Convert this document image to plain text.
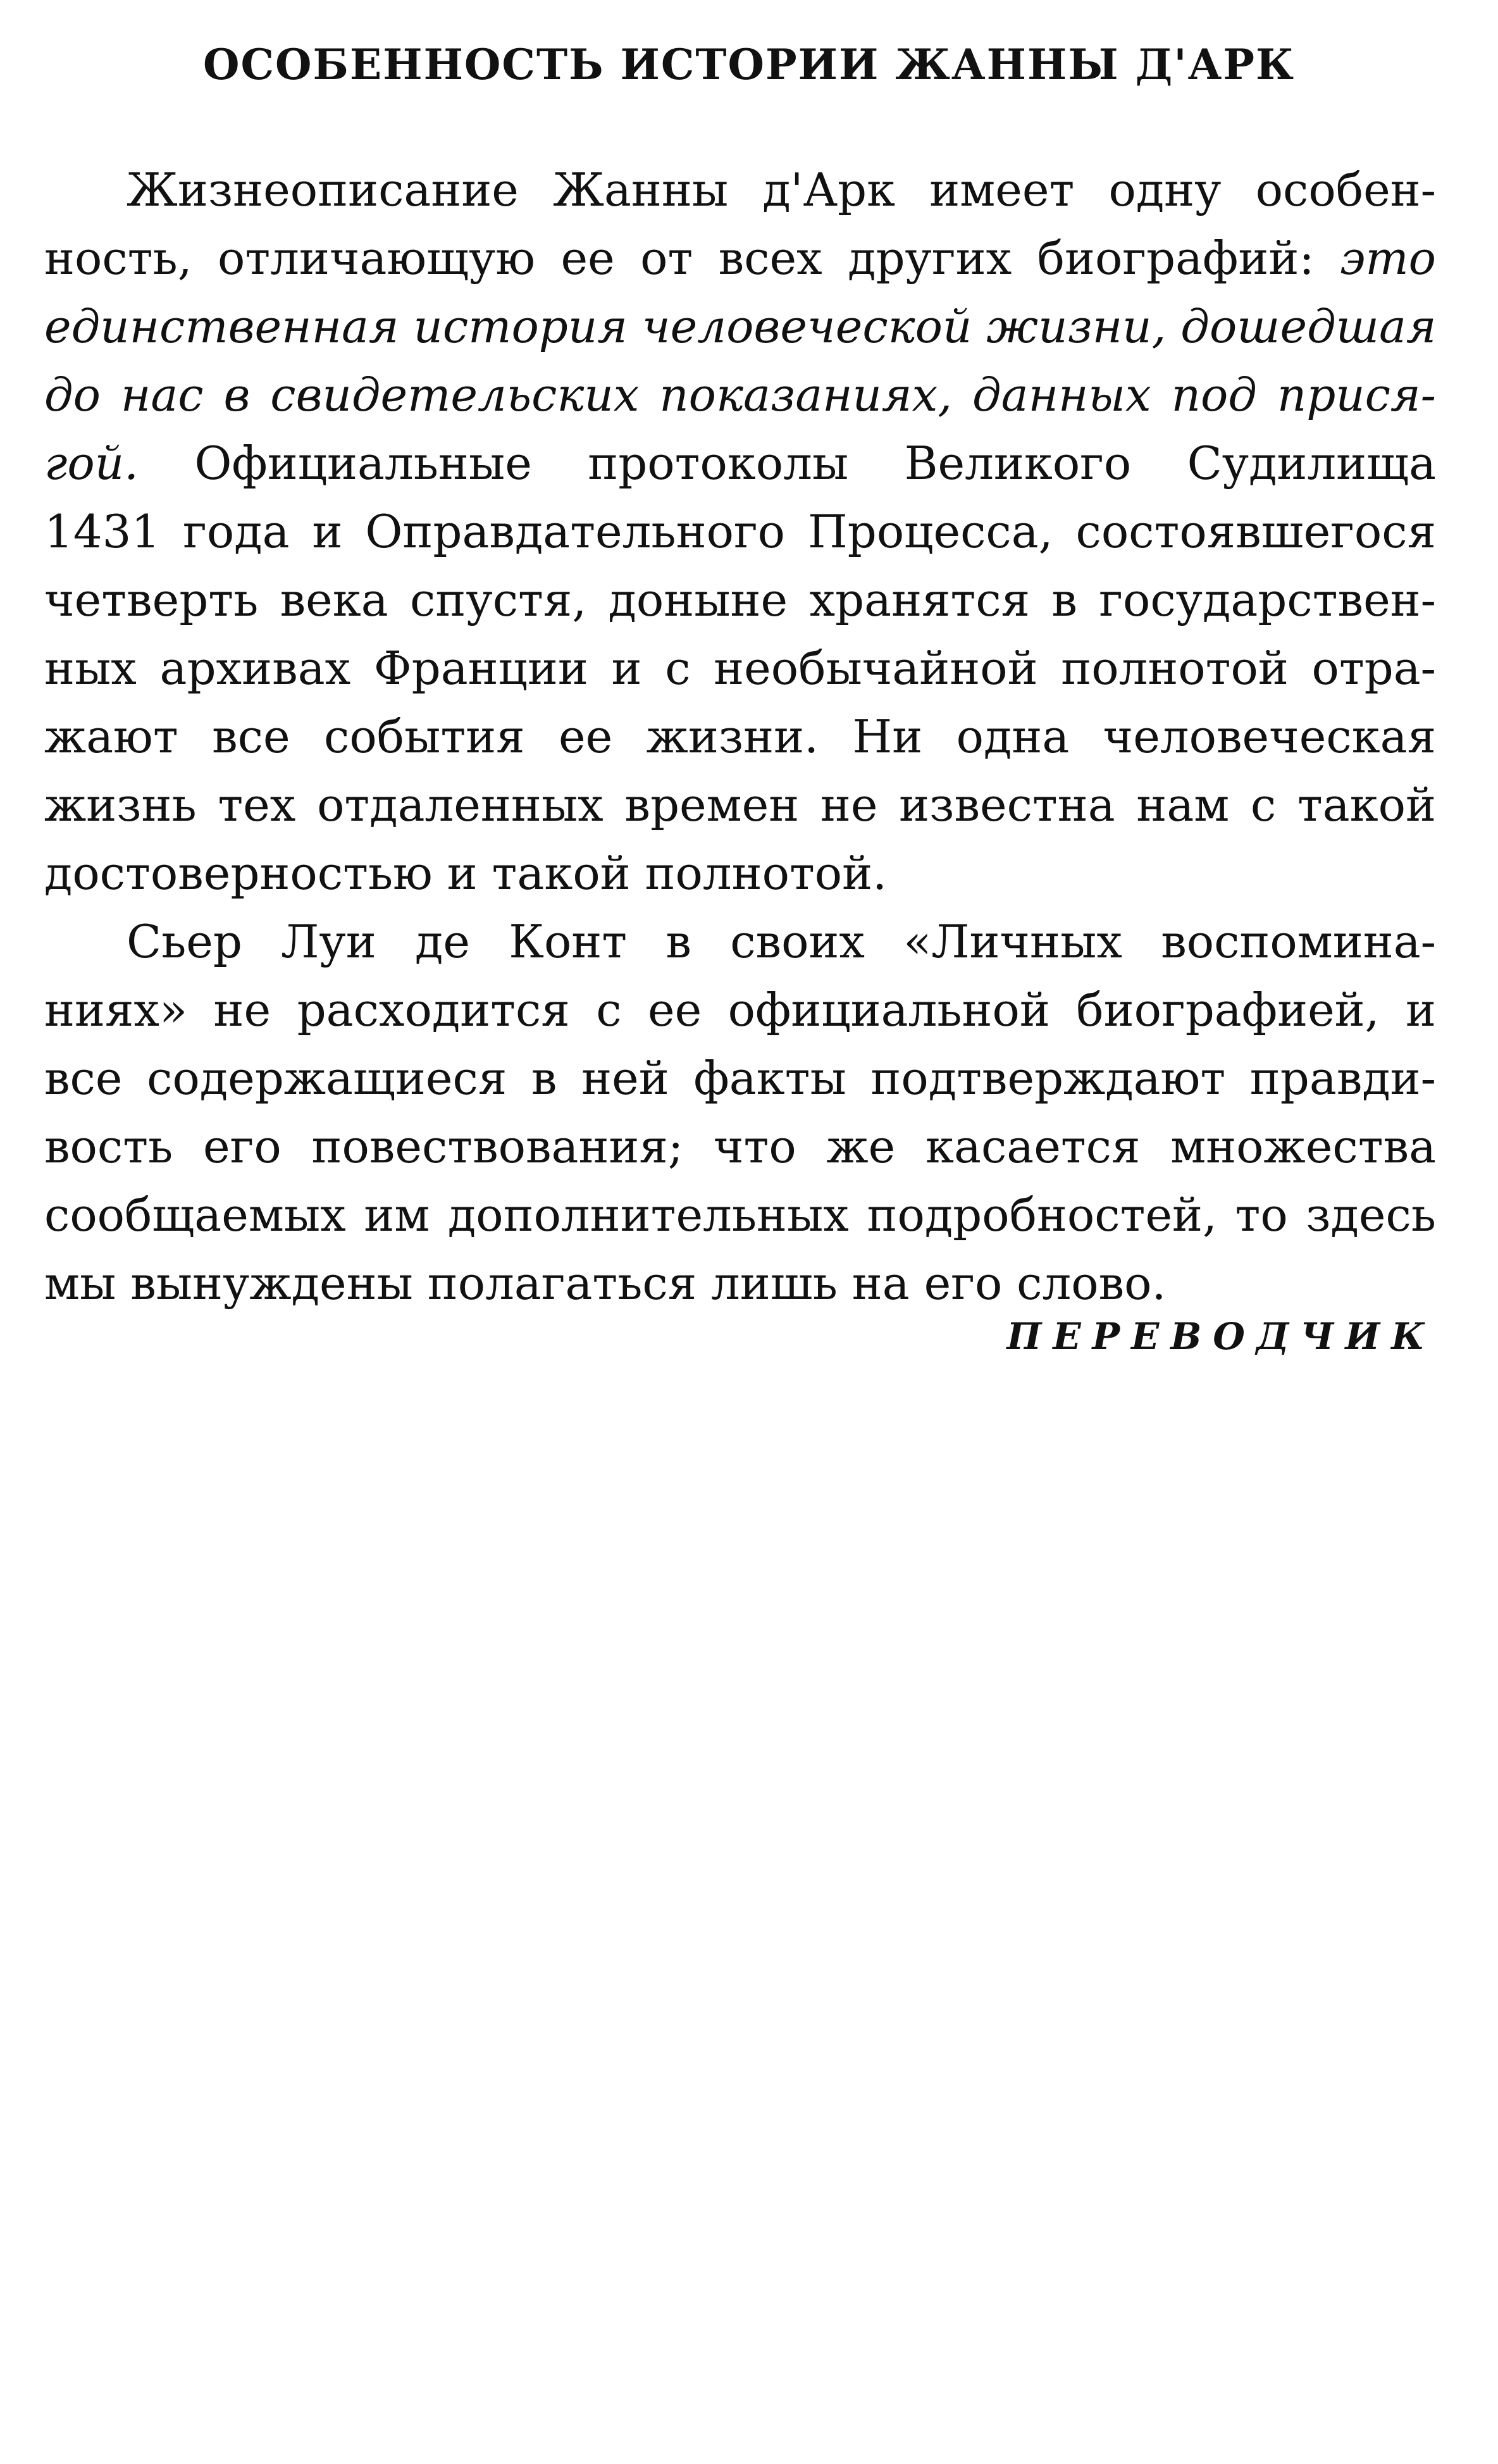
ОСОБЕННОСТЬ ИСТОРИИ ЖАННЫ Д'АРК
Жизнеописание Жанны д'Арк имеет одну особен-
ность, отличающую ее от всех других биографий: это
единственная история человеческой жизни, дошедшая
до нас в свидетельских показаниях, данных под прися-
гой. Официальные протоколы Великого Судилища
1431 года и Оправдательного Процесса, состоявшегося
четверть века спустя, доныне хранятся в государствен-
ных архивах Франции и с необычайной полнотой отра-
жают все события ее жизни. Ни одна человеческая
жизнь тех отдаленных времен не известна нам с такой
достоверностью и такой полнотой.
Сьер Луи де Конт в своих «Личных воспомина-
ниях» не расходится с ее официальной биографией, и
все содержащиеся в ней факты подтверждают правди-
вость его повествования; что же касается множества
сообщаемых им дополнительных подробностей, то здесь
мы вынуждены полагаться лишь на его слово.
ПЕРЕВОДЧИК
